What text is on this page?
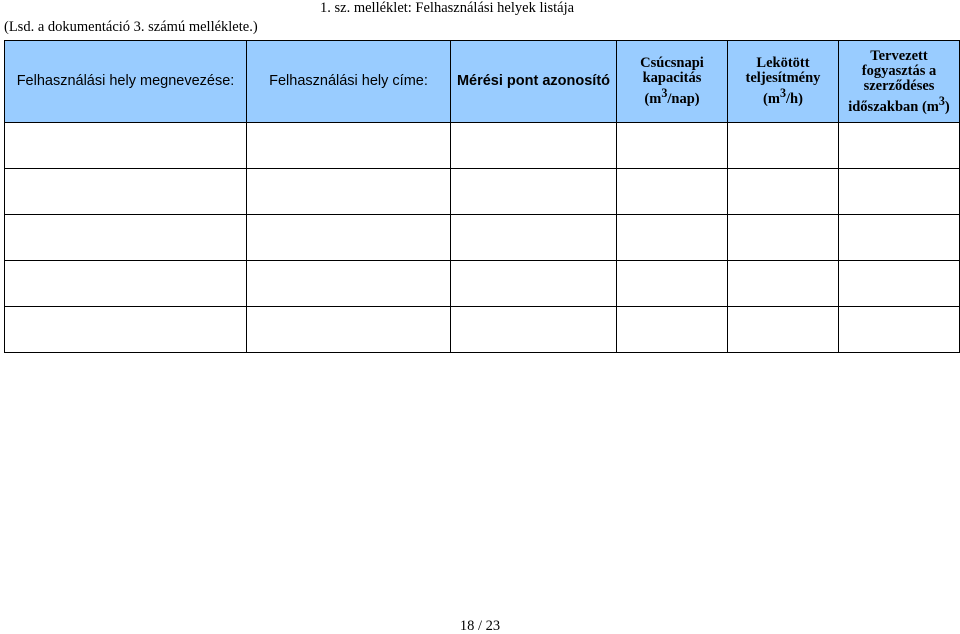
1. sz. melléklet: Felhasználási helyek listája
(Lsd. a dokumentáció 3. számú melléklete.)
Felhasználási hely megnevezése:	Felhasználási hely címe:	Mérési pont azonosító	Csúcsnapi
kapacitás
$(m^3/nap)$	Lekötött
teljesítmény
$(m^3/h)$	Tervezett
fogyasztás a
szerződéses
időszakban $(m^3)$

18 / 23
